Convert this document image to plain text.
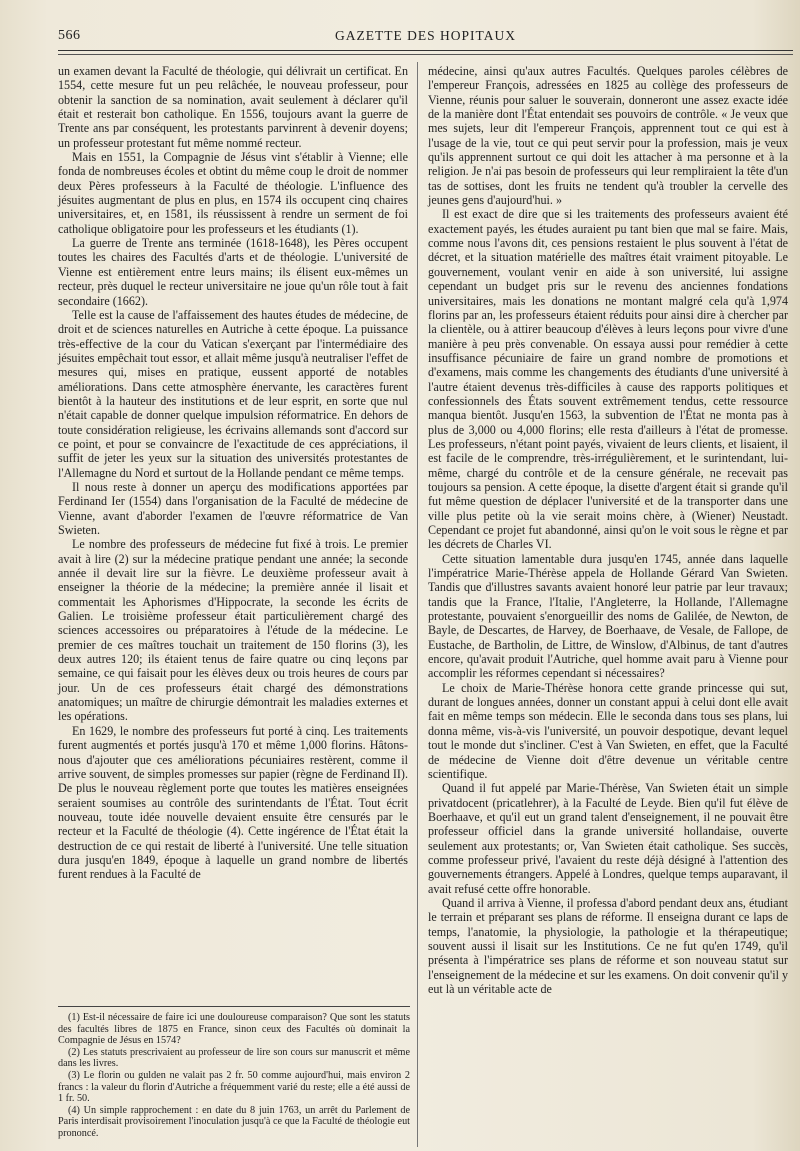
566	GAZETTE DES HOPITAUX

un examen devant la Faculté de théologie, qui délivrait un certificat. En 1554, cette mesure fut un peu relâchée, le nouveau professeur, pour obtenir la sanction de sa nomination, avait seulement à déclarer qu'il était et resterait bon catholique. En 1556, toujours avant la guerre de Trente ans par conséquent, les protestants parvinrent à devenir doyens; un professeur protestant fut même nommé recteur.

Mais en 1551, la Compagnie de Jésus vint s'établir à Vienne; elle fonda de nombreuses écoles et obtint du même coup le droit de nommer deux Pères professeurs à la Faculté de théologie. L'influence des jésuites augmentant de plus en plus, en 1574 ils occupent cinq chaires universitaires, et, en 1581, ils réussissent à rendre un serment de foi catholique obligatoire pour les professeurs et les étudiants (1).

La guerre de Trente ans terminée (1618-1648), les Pères occupent toutes les chaires des Facultés d'arts et de théologie. L'université de Vienne est entièrement entre leurs mains; ils élisent eux-mêmes un recteur, près duquel le recteur universitaire ne joue qu'un rôle tout à fait secondaire (1662).

Telle est la cause de l'affaissement des hautes études de médecine, de droit et de sciences naturelles en Autriche à cette époque. La puissance très-effective de la cour du Vatican s'exerçant par l'intermédiaire des jésuites empêchait tout essor, et allait même jusqu'à neutraliser l'effet de mesures qui, mises en pratique, eussent apporté de notables améliorations. Dans cette atmosphère énervante, les caractères furent bientôt à la hauteur des institutions et de leur esprit, en sorte que nul n'était capable de donner quelque impulsion réformatrice. En dehors de toute considération religieuse, les écrivains allemands sont d'accord sur ce point, et pour se convaincre de l'exactitude de ces appréciations, il suffit de jeter les yeux sur la situation des universités protestantes de l'Allemagne du Nord et surtout de la Hollande pendant ce même temps.

Il nous reste à donner un aperçu des modifications apportées par Ferdinand Ier (1554) dans l'organisation de la Faculté de médecine de Vienne, avant d'aborder l'examen de l'œuvre réformatrice de Van Swieten.

Le nombre des professeurs de médecine fut fixé à trois. Le premier avait à lire (2) sur la médecine pratique pendant une année; la seconde année il devait lire sur la fièvre. Le deuxième professeur avait à enseigner la théorie de la médecine; la première année il lisait et commentait les Aphorismes d'Hippocrate, la seconde les écrits de Galien. Le troisième professeur était particulièrement chargé des sciences accessoires ou préparatoires à l'étude de la médecine. Le premier de ces maîtres touchait un traitement de 150 florins (3), les deux autres 120; ils étaient tenus de faire quatre ou cinq leçons par semaine, ce qui faisait pour les élèves deux ou trois heures de cours par jour. Un de ces professeurs était chargé des démonstrations anatomiques; un maître de chirurgie démontrait les maladies externes et les opérations.

En 1629, le nombre des professeurs fut porté à cinq. Les traitements furent augmentés et portés jusqu'à 170 et même 1,000 florins. Hâtons-nous d'ajouter que ces améliorations pécuniaires restèrent, comme il arrive souvent, de simples promesses sur papier (règne de Ferdinand II). De plus le nouveau règlement porte que toutes les matières enseignées seraient soumises au contrôle des surintendants de l'État. Tout écrit nouveau, toute idée nouvelle devaient ensuite être censurés par le recteur et la Faculté de théologie (4). Cette ingérence de l'État était la destruction de ce qui restait de liberté à l'université. Une telle situation dura jusqu'en 1849, époque à laquelle un grand nombre de libertés furent rendues à la Faculté de

médecine, ainsi qu'aux autres Facultés. Quelques paroles célèbres de l'empereur François, adressées en 1825 au collège des professeurs de Vienne, réunis pour saluer le souverain, donneront une assez exacte idée de la manière dont l'État entendait ses pouvoirs de contrôle. « Je veux que mes sujets, leur dit l'empereur François, apprennent tout ce qui est à l'usage de la vie, tout ce qui peut servir pour la profession, mais je veux qu'ils apprennent surtout ce qui doit les attacher à ma personne et à la religion. Je n'ai pas besoin de professeurs qui leur rempliraient la tête d'un tas de sottises, dont les fruits ne tendent qu'à troubler la cervelle des jeunes gens d'aujourd'hui. »

Il est exact de dire que si les traitements des professeurs avaient été exactement payés, les études auraient pu tant bien que mal se faire. Mais, comme nous l'avons dit, ces pensions restaient le plus souvent à l'état de décret, et la situation matérielle des maîtres était vraiment pitoyable. Le gouvernement, voulant venir en aide à son université, lui assigne cependant un budget pris sur le revenu des anciennes fondations universitaires, mais les donations ne montant malgré cela qu'à 1,974 florins par an, les professeurs étaient réduits pour ainsi dire à chercher par la clientèle, ou à attirer beaucoup d'élèves à leurs leçons pour vivre d'une manière à peu près convenable. On essaya aussi pour remédier à cette insuffisance pécuniaire de faire un grand nombre de promotions et d'examens, mais comme les changements des étudiants d'une université à l'autre étaient devenus très-difficiles à cause des rapports politiques et confessionnels des États souvent extrêmement tendus, cette ressource manqua bientôt. Jusqu'en 1563, la subvention de l'État ne monta pas à plus de 3,000 ou 4,000 florins; elle resta d'ailleurs à l'état de promesse. Les professeurs, n'étant point payés, vivaient de leurs clients, et lisaient, il est facile de le comprendre, très-irrégulièrement, et le surintendant, lui-même, chargé du contrôle et de la censure générale, ne recevait pas toujours sa pension. A cette époque, la disette d'argent était si grande qu'il fut même question de déplacer l'université et de la transporter dans une ville plus petite où la vie serait moins chère, à (Wiener) Neustadt. Cependant ce projet fut abandonné, ainsi qu'on le voit sous le règne et par les décrets de Charles VI.

Cette situation lamentable dura jusqu'en 1745, année dans laquelle l'impératrice Marie-Thérèse appela de Hollande Gérard Van Swieten. Tandis que d'illustres savants avaient honoré leur patrie par leur travaux; tandis que la France, l'Italie, l'Angleterre, la Hollande, l'Allemagne protestante, pouvaient s'enorgueillir des noms de Galilée, de Newton, de Bayle, de Descartes, de Harvey, de Boerhaave, de Vesale, de Fallope, de Eustache, de Bartholin, de Littre, de Winslow, d'Albinus, de tant d'autres encore, qu'avait produit l'Autriche, quel homme avait paru à Vienne pour accomplir les réformes cependant si nécessaires?

Le choix de Marie-Thérèse honora cette grande princesse qui sut, durant de longues années, donner un constant appui à celui dont elle avait fait en même temps son médecin. Elle le seconda dans tous ses plans, lui donna même, vis-à-vis l'université, un pouvoir despotique, devant lequel tout le monde dut s'incliner. C'est à Van Swieten, en effet, que la Faculté de médecine de Vienne doit d'être devenue un véritable centre scientifique.

Quand il fut appelé par Marie-Thérèse, Van Swieten était un simple privatdocent (pricatlehrer), à la Faculté de Leyde. Bien qu'il fut élève de Boerhaave, et qu'il eut un grand talent d'enseignement, il ne pouvait être professeur officiel dans la grande université hollandaise, ouverte seulement aux protestants; or, Van Swieten était catholique. Ses succès, comme professeur privé, l'avaient du reste déjà désigné à l'attention des gouvernements étrangers. Appelé à Londres, quelque temps auparavant, il avait refusé cette offre honorable.

Quand il arriva à Vienne, il professa d'abord pendant deux ans, étudiant le terrain et préparant ses plans de réforme. Il enseigna durant ce laps de temps, l'anatomie, la physiologie, la pathologie et la thérapeutique; souvent aussi il lisait sur les Institutions. Ce ne fut qu'en 1749, qu'il présenta à l'impératrice ses plans de réforme et son nouveau statut sur l'enseignement de la médecine et sur les examens. On doit convenir qu'il y eut là un véritable acte de

(1) Est-il nécessaire de faire ici une douloureuse comparaison? Que sont les statuts des facultés libres de 1875 en France, sinon ceux des Facultés où dominait la Compagnie de Jésus en 1574?

(2) Les statuts prescrivaient au professeur de lire son cours sur manuscrit et même dans les livres.

(3) Le florin ou gulden ne valait pas 2 fr. 50 comme aujourd'hui, mais environ 2 francs : la valeur du florin d'Autriche a fréquemment varié du reste; elle a été aussi de 1 fr. 50.

(4) Un simple rapprochement : en date du 8 juin 1763, un arrêt du Parlement de Paris interdisait provisoirement l'inoculation jusqu'à ce que la Faculté de théologie eut prononcé.
